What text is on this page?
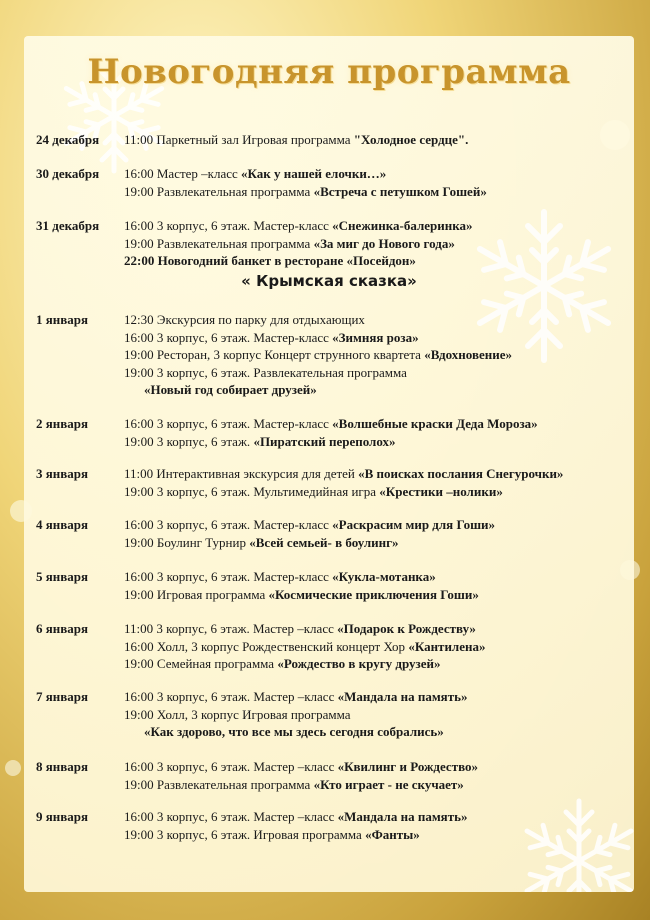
Новогодняя программа
24 декабря 11:00 Паркетный зал Игровая программа "Холодное сердце".
30 декабря 16:00 Мастер –класс «Как у нашей елочки…»
19:00 Развлекательная программа «Встреча с петушком Гошей»
31 декабря 16:00 3 корпус, 6 этаж. Мастер-класс «Снежинка-балеринка»
19:00 Развлекательная программа «За миг до Нового года»
22:00 Новогодний банкет в ресторане «Посейдон»
« Крымская сказка»
1 января	12:30 Экскурсия по парку для отдыхающих
16:00 3 корпус, 6 этаж. Мастер-класс «Зимняя роза»
19:00 Ресторан, 3 корпус Концерт струнного квартета «Вдохновение»
19:00 3 корпус, 6 этаж. Развлекательная программа
«Новый год собирает друзей»
2 января	16:00 3 корпус, 6 этаж. Мастер-класс «Волшебные краски Деда Мороза»
19:00 3 корпус, 6 этаж. «Пиратский переполох»
3 января	11:00 Интерактивная экскурсия для детей «В поисках послания Снегурочки»
19:00 3 корпус, 6 этаж. Мультимедийная игра «Крестики –нолики»
4 января	16:00 3 корпус, 6 этаж. Мастер-класс «Раскрасим мир для Гоши»
19:00 Боулинг Турнир «Всей семьей- в боулинг»
5 января	16:00 3 корпус, 6 этаж. Мастер-класс «Кукла-мотанка»
19:00 Игровая программа «Космические приключения Гоши»
6 января	11:00 3 корпус, 6 этаж. Мастер –класс «Подарок к Рождеству»
16:00 Холл, 3 корпус Рождественский концерт Хор «Кантилена»
19:00 Семейная программа «Рождество в кругу друзей»
7 января	16:00 3 корпус, 6 этаж. Мастер –класс «Мандала на память»
19:00 Холл, 3 корпус Игровая программа
«Как здорово, что все мы здесь сегодня собрались»
8 января	16:00 3 корпус, 6 этаж. Мастер –класс «Квилинг и Рождество»
19:00 Развлекательная программа «Кто играет - не скучает»
9 января	16:00 3 корпус, 6 этаж. Мастер –класс «Мандала на память»
19:00 3 корпус, 6 этаж. Игровая программа «Фанты»
